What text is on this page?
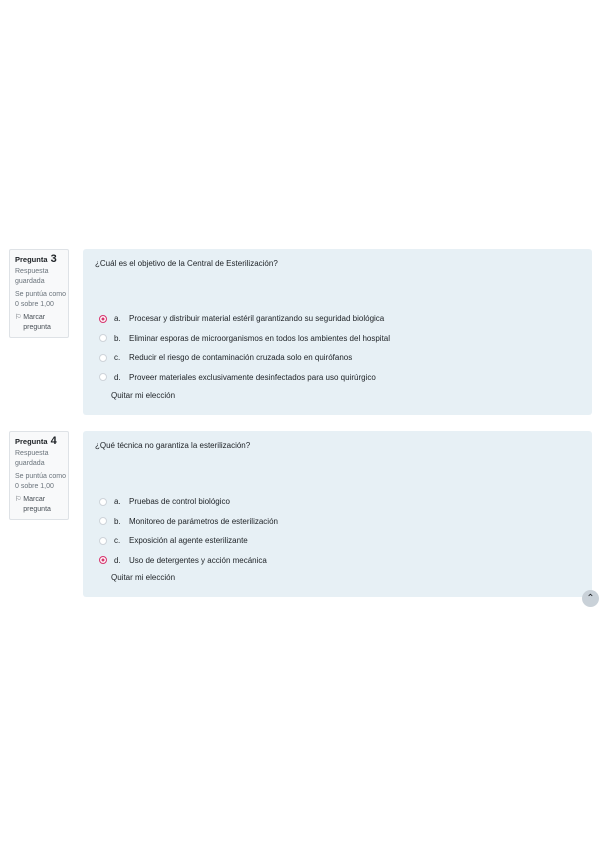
Pregunta 3
Respuesta guardada
Se puntúa como 0 sobre 1,00
⚐ Marcar pregunta
¿Cuál es el objetivo de la Central de Esterilización?
a.	Procesar y distribuir material estéril garantizando su seguridad biológica
b.	Eliminar esporas de microorganismos en todos los ambientes del hospital
c.	Reducir el riesgo de contaminación cruzada solo en quirófanos
d.	Proveer materiales exclusivamente desinfectados para uso quirúrgico
Quitar mi elección
Pregunta 4
Respuesta guardada
Se puntúa como 0 sobre 1,00
⚐ Marcar pregunta
¿Qué técnica no garantiza la esterilización?
a.	Pruebas de control biológico
b.	Monitoreo de parámetros de esterilización
c.	Exposición al agente esterilizante
d.	Uso de detergentes y acción mecánica
Quitar mi elección
⌃
